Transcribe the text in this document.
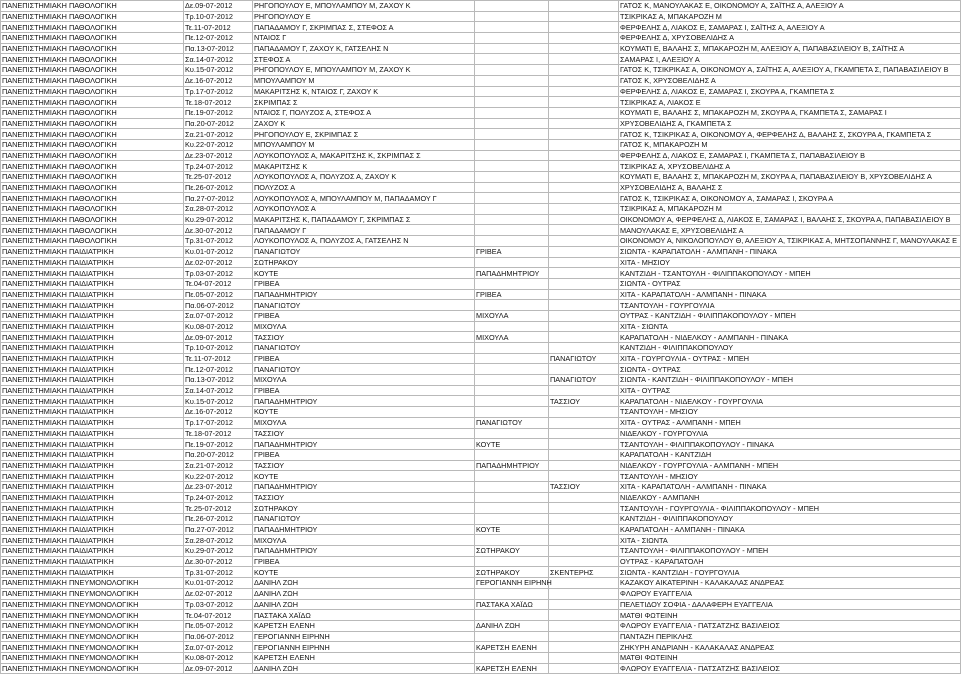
ΠΑΝΕΠΙΣΤΗΜΙΑΚΗ ΠΑΘΟΛΟΓΙΚΗ	Δε.09-07-2012	ΡΗΓΟΠΟΥΛΟΥ Ε, ΜΠΟΥΛΑΜΠΟΥ Μ, ΖΑΧΟΥ Κ			ΓΑΤΟΣ Κ, ΜΑΝΟΥΛΑΚΑΣ Ε, ΟΙΚΟΝΟΜΟΥ Α, ΣΑΪΤΗΣ Α, ΑΛΕΞΙΟΥ Α
ΠΑΝΕΠΙΣΤΗΜΙΑΚΗ ΠΑΘΟΛΟΓΙΚΗ	Τρ.10-07-2012	ΡΗΓΟΠΟΥΛΟΥ Ε			ΤΣΙΚΡΙΚΑΣ Α, ΜΠΑΚΑΡΟΖΗ Μ
ΠΑΝΕΠΙΣΤΗΜΙΑΚΗ ΠΑΘΟΛΟΓΙΚΗ	Τε.11-07-2012	ΠΑΠΑΔΑΜΟΥ Γ, ΣΚΡΙΜΠΑΣ Σ, ΣΤΕΦΟΣ Α			ΦΕΡΦΕΛΗΣ Δ, ΛΙΑΚΟΣ Ε, ΣΑΜΑΡΑΣ Ι, ΣΑΪΤΗΣ Α, ΑΛΕΞΙΟΥ Α
ΠΑΝΕΠΙΣΤΗΜΙΑΚΗ ΠΑΘΟΛΟΓΙΚΗ	Πε.12-07-2012	ΝΤΑΙΟΣ Γ			ΦΕΡΦΕΛΗΣ Δ, ΧΡΥΣΟΒΕΛΙΔΗΣ Α
ΠΑΝΕΠΙΣΤΗΜΙΑΚΗ ΠΑΘΟΛΟΓΙΚΗ	Πα.13-07-2012	ΠΑΠΑΔΑΜΟΥ Γ, ΖΑΧΟΥ Κ, ΓΑΤΣΕΛΗΣ Ν			ΚΟΥΜΑΤΙ Ε, ΒΑΛΑΗΣ Σ, ΜΠΑΚΑΡΟΖΗ Μ, ΑΛΕΞΙΟΥ Α, ΠΑΠΑΒΑΣΙΛΕΙΟΥ Β, ΣΑΪΤΗΣ Α
ΠΑΝΕΠΙΣΤΗΜΙΑΚΗ ΠΑΘΟΛΟΓΙΚΗ	Σα.14-07-2012	ΣΤΕΦΟΣ Α			ΣΑΜΑΡΑΣ Ι, ΑΛΕΞΙΟΥ Α
ΠΑΝΕΠΙΣΤΗΜΙΑΚΗ ΠΑΘΟΛΟΓΙΚΗ	Κυ.15-07-2012	ΡΗΓΟΠΟΥΛΟΥ Ε, ΜΠΟΥΛΑΜΠΟΥ Μ, ΖΑΧΟΥ Κ			ΓΑΤΟΣ Κ, ΤΣΙΚΡΙΚΑΣ Α, ΟΙΚΟΝΟΜΟΥ Α, ΣΑΪΤΗΣ Α, ΑΛΕΞΙΟΥ Α, ΓΚΑΜΠΕΤΑ Σ, ΠΑΠΑΒΑΣΙΛΕΙΟΥ Β
ΠΑΝΕΠΙΣΤΗΜΙΑΚΗ ΠΑΘΟΛΟΓΙΚΗ	Δε.16-07-2012	ΜΠΟΥΛΑΜΠΟΥ Μ			ΓΑΤΟΣ Κ, ΧΡΥΣΟΒΕΛΙΔΗΣ Α
ΠΑΝΕΠΙΣΤΗΜΙΑΚΗ ΠΑΘΟΛΟΓΙΚΗ	Τρ.17-07-2012	ΜΑΚΑΡΙΤΣΗΣ Κ, ΝΤΑΙΟΣ Γ, ΖΑΧΟΥ Κ			ΦΕΡΦΕΛΗΣ Δ, ΛΙΑΚΟΣ Ε, ΣΑΜΑΡΑΣ Ι, ΣΚΟΥΡΑ Α, ΓΚΑΜΠΕΤΑ Σ
ΠΑΝΕΠΙΣΤΗΜΙΑΚΗ ΠΑΘΟΛΟΓΙΚΗ	Τε.18-07-2012	ΣΚΡΙΜΠΑΣ Σ			ΤΣΙΚΡΙΚΑΣ Α, ΛΙΑΚΟΣ Ε
ΠΑΝΕΠΙΣΤΗΜΙΑΚΗ ΠΑΘΟΛΟΓΙΚΗ	Πε.19-07-2012	ΝΤΑΙΟΣ Γ, ΠΟΛΥΖΟΣ Α, ΣΤΕΦΟΣ Α			ΚΟΥΜΑΤΙ Ε, ΒΑΛΑΗΣ Σ, ΜΠΑΚΑΡΟΖΗ Μ, ΣΚΟΥΡΑ Α, ΓΚΑΜΠΕΤΑ Σ, ΣΑΜΑΡΑΣ Ι
ΠΑΝΕΠΙΣΤΗΜΙΑΚΗ ΠΑΘΟΛΟΓΙΚΗ	Πα.20-07-2012	ΖΑΧΟΥ Κ			ΧΡΥΣΟΒΕΛΙΔΗΣ Α, ΓΚΑΜΠΕΤΑ Σ
ΠΑΝΕΠΙΣΤΗΜΙΑΚΗ ΠΑΘΟΛΟΓΙΚΗ	Σα.21-07-2012	ΡΗΓΟΠΟΥΛΟΥ Ε, ΣΚΡΙΜΠΑΣ Σ			ΓΑΤΟΣ Κ, ΤΣΙΚΡΙΚΑΣ Α, ΟΙΚΟΝΟΜΟΥ Α, ΦΕΡΦΕΛΗΣ Δ, ΒΑΛΑΗΣ Σ, ΣΚΟΥΡΑ Α, ΓΚΑΜΠΕΤΑ Σ
ΠΑΝΕΠΙΣΤΗΜΙΑΚΗ ΠΑΘΟΛΟΓΙΚΗ	Κυ.22-07-2012	ΜΠΟΥΛΑΜΠΟΥ Μ			ΓΑΤΟΣ Κ, ΜΠΑΚΑΡΟΖΗ Μ
ΠΑΝΕΠΙΣΤΗΜΙΑΚΗ ΠΑΘΟΛΟΓΙΚΗ	Δε.23-07-2012	ΛΟΥΚΟΠΟΥΛΟΣ Α, ΜΑΚΑΡΙΤΣΗΣ Κ, ΣΚΡΙΜΠΑΣ Σ			ΦΕΡΦΕΛΗΣ Δ, ΛΙΑΚΟΣ Ε, ΣΑΜΑΡΑΣ Ι, ΓΚΑΜΠΕΤΑ Σ, ΠΑΠΑΒΑΣΙΛΕΙΟΥ Β
ΠΑΝΕΠΙΣΤΗΜΙΑΚΗ ΠΑΘΟΛΟΓΙΚΗ	Τρ.24-07-2012	ΜΑΚΑΡΙΤΣΗΣ Κ			ΤΣΙΚΡΙΚΑΣ Α, ΧΡΥΣΟΒΕΛΙΔΗΣ Α
ΠΑΝΕΠΙΣΤΗΜΙΑΚΗ ΠΑΘΟΛΟΓΙΚΗ	Τε.25-07-2012	ΛΟΥΚΟΠΟΥΛΟΣ Α, ΠΟΛΥΖΟΣ Α, ΖΑΧΟΥ Κ			ΚΟΥΜΑΤΙ Ε, ΒΑΛΑΗΣ Σ, ΜΠΑΚΑΡΟΖΗ Μ, ΣΚΟΥΡΑ Α, ΠΑΠΑΒΑΣΙΛΕΙΟΥ Β, ΧΡΥΣΟΒΕΛΙΔΗΣ Α
ΠΑΝΕΠΙΣΤΗΜΙΑΚΗ ΠΑΘΟΛΟΓΙΚΗ	Πε.26-07-2012	ΠΟΛΥΖΟΣ Α			ΧΡΥΣΟΒΕΛΙΔΗΣ Α, ΒΑΛΑΗΣ Σ
ΠΑΝΕΠΙΣΤΗΜΙΑΚΗ ΠΑΘΟΛΟΓΙΚΗ	Πα.27-07-2012	ΛΟΥΚΟΠΟΥΛΟΣ Α, ΜΠΟΥΛΑΜΠΟΥ Μ, ΠΑΠΑΔΑΜΟΥ Γ			ΓΑΤΟΣ Κ, ΤΣΙΚΡΙΚΑΣ Α, ΟΙΚΟΝΟΜΟΥ Α, ΣΑΜΑΡΑΣ Ι, ΣΚΟΥΡΑ Α
ΠΑΝΕΠΙΣΤΗΜΙΑΚΗ ΠΑΘΟΛΟΓΙΚΗ	Σα.28-07-2012	ΛΟΥΚΟΠΟΥΛΟΣ Α			ΤΣΙΚΡΙΚΑΣ Α, ΜΠΑΚΑΡΟΖΗ Μ
ΠΑΝΕΠΙΣΤΗΜΙΑΚΗ ΠΑΘΟΛΟΓΙΚΗ	Κυ.29-07-2012	ΜΑΚΑΡΙΤΣΗΣ Κ, ΠΑΠΑΔΑΜΟΥ Γ, ΣΚΡΙΜΠΑΣ Σ			ΟΙΚΟΝΟΜΟΥ Α, ΦΕΡΦΕΛΗΣ Δ, ΛΙΑΚΟΣ Ε, ΣΑΜΑΡΑΣ Ι, ΒΑΛΑΗΣ Σ, ΣΚΟΥΡΑ Α, ΠΑΠΑΒΑΣΙΛΕΙΟΥ Β
ΠΑΝΕΠΙΣΤΗΜΙΑΚΗ ΠΑΘΟΛΟΓΙΚΗ	Δε.30-07-2012	ΠΑΠΑΔΑΜΟΥ Γ			ΜΑΝΟΥΛΑΚΑΣ Ε, ΧΡΥΣΟΒΕΛΙΔΗΣ Α
ΠΑΝΕΠΙΣΤΗΜΙΑΚΗ ΠΑΘΟΛΟΓΙΚΗ	Τρ.31-07-2012	ΛΟΥΚΟΠΟΥΛΟΣ Α, ΠΟΛΥΖΟΣ Α, ΓΑΤΣΕΛΗΣ Ν			ΟΙΚΟΝΟΜΟΥ Α, ΝΙΚΟΛΟΠΟΥΛΟΥ Θ, ΑΛΕΞΙΟΥ Α, ΤΣΙΚΡΙΚΑΣ Α, ΜΗΤΣΟΠΑΝΝΗΣ Γ, ΜΑΝΟΥΛΑΚΑΣ Ε
ΠΑΝΕΠΙΣΤΗΜΙΑΚΗ ΠΑΙΔΙΑΤΡΙΚΗ	Κυ.01-07-2012	ΠΑΝΑΓΙΩΤΟΥ	ΓΡΙΒΕΑ		ΣΙΩΝΤΑ - ΚΑΡΑΠΑΤΟΛΗ - ΑΛΜΠΑΝΗ - ΠΙΝΑΚΑ
ΠΑΝΕΠΙΣΤΗΜΙΑΚΗ ΠΑΙΔΙΑΤΡΙΚΗ	Δε.02-07-2012	ΣΩΤΗΡΑΚΟΥ			ΧΙΤΑ - ΜΗΣΙΟΥ
ΠΑΝΕΠΙΣΤΗΜΙΑΚΗ ΠΑΙΔΙΑΤΡΙΚΗ	Τρ.03-07-2012	ΚΟΥΤΕ	ΠΑΠΑΔΗΜΗΤΡΙΟΥ		ΚΑΝΤΖΙΔΗ - ΤΣΑΝΤΟΥΛΗ - ΦΙΛΙΠΠΑΚΟΠΟΥΛΟΥ - ΜΠΕΗ
ΠΑΝΕΠΙΣΤΗΜΙΑΚΗ ΠΑΙΔΙΑΤΡΙΚΗ	Τε.04-07-2012	ΓΡΙΒΕΑ			ΣΙΩΝΤΑ - ΟΥΤΡΑΣ
ΠΑΝΕΠΙΣΤΗΜΙΑΚΗ ΠΑΙΔΙΑΤΡΙΚΗ	Πε.05-07-2012	ΠΑΠΑΔΗΜΗΤΡΙΟΥ	ΓΡΙΒΕΑ		ΧΙΤΑ - ΚΑΡΑΠΑΤΟΛΗ - ΑΛΜΠΑΝΗ - ΠΙΝΑΚΑ
ΠΑΝΕΠΙΣΤΗΜΙΑΚΗ ΠΑΙΔΙΑΤΡΙΚΗ	Πα.06-07-2012	ΠΑΝΑΓΙΩΤΟΥ			ΤΣΑΝΤΟΥΛΗ - ΓΟΥΡΓΟΥΛΙΑ
ΠΑΝΕΠΙΣΤΗΜΙΑΚΗ ΠΑΙΔΙΑΤΡΙΚΗ	Σα.07-07-2012	ΓΡΙΒΕΑ	ΜΙΧΟΥΛΑ		ΟΥΤΡΑΣ - ΚΑΝΤΖΙΔΗ - ΦΙΛΙΠΠΑΚΟΠΟΥΛΟΥ - ΜΠΕΗ
ΠΑΝΕΠΙΣΤΗΜΙΑΚΗ ΠΑΙΔΙΑΤΡΙΚΗ	Κυ.08-07-2012	ΜΙΧΟΥΛΑ			ΧΙΤΑ - ΣΙΩΝΤΑ
ΠΑΝΕΠΙΣΤΗΜΙΑΚΗ ΠΑΙΔΙΑΤΡΙΚΗ	Δε.09-07-2012	ΤΑΣΣΙΟΥ	ΜΙΧΟΥΛΑ		ΚΑΡΑΠΑΤΟΛΗ - ΝΙΔΕΛΚΟΥ - ΑΛΜΠΑΝΗ - ΠΙΝΑΚΑ
ΠΑΝΕΠΙΣΤΗΜΙΑΚΗ ΠΑΙΔΙΑΤΡΙΚΗ	Τρ.10-07-2012	ΠΑΝΑΓΙΩΤΟΥ			ΚΑΝΤΖΙΔΗ - ΦΙΛΙΠΠΑΚΟΠΟΥΛΟΥ
ΠΑΝΕΠΙΣΤΗΜΙΑΚΗ ΠΑΙΔΙΑΤΡΙΚΗ	Τε.11-07-2012	ΓΡΙΒΕΑ		ΠΑΝΑΓΙΩΤΟΥ	ΧΙΤΑ - ΓΟΥΡΓΟΥΛΙΑ - ΟΥΤΡΑΣ - ΜΠΕΗ
ΠΑΝΕΠΙΣΤΗΜΙΑΚΗ ΠΑΙΔΙΑΤΡΙΚΗ	Πε.12-07-2012	ΠΑΝΑΓΙΩΤΟΥ			ΣΙΩΝΤΑ - ΟΥΤΡΑΣ
ΠΑΝΕΠΙΣΤΗΜΙΑΚΗ ΠΑΙΔΙΑΤΡΙΚΗ	Πα.13-07-2012	ΜΙΧΟΥΛΑ		ΠΑΝΑΓΙΩΤΟΥ	ΣΙΩΝΤΑ - ΚΑΝΤΖΙΔΗ - ΦΙΛΙΠΠΑΚΟΠΟΥΛΟΥ - ΜΠΕΗ
ΠΑΝΕΠΙΣΤΗΜΙΑΚΗ ΠΑΙΔΙΑΤΡΙΚΗ	Σα.14-07-2012	ΓΡΙΒΕΑ			ΧΙΤΑ - ΟΥΤΡΑΣ
ΠΑΝΕΠΙΣΤΗΜΙΑΚΗ ΠΑΙΔΙΑΤΡΙΚΗ	Κυ.15-07-2012	ΠΑΠΑΔΗΜΗΤΡΙΟΥ		ΤΑΣΣΙΟΥ	ΚΑΡΑΠΑΤΟΛΗ - ΝΙΔΕΛΚΟΥ - ΓΟΥΡΓΟΥΛΙΑ
ΠΑΝΕΠΙΣΤΗΜΙΑΚΗ ΠΑΙΔΙΑΤΡΙΚΗ	Δε.16-07-2012	ΚΟΥΤΕ			ΤΣΑΝΤΟΥΛΗ - ΜΗΣΙΟΥ
ΠΑΝΕΠΙΣΤΗΜΙΑΚΗ ΠΑΙΔΙΑΤΡΙΚΗ	Τρ.17-07-2012	ΜΙΧΟΥΛΑ	ΠΑΝΑΓΙΩΤΟΥ		ΧΙΤΑ - ΟΥΤΡΑΣ - ΑΛΜΠΑΝΗ - ΜΠΕΗ
ΠΑΝΕΠΙΣΤΗΜΙΑΚΗ ΠΑΙΔΙΑΤΡΙΚΗ	Τε.18-07-2012	ΤΑΣΣΙΟΥ			ΝΙΔΕΛΚΟΥ - ΓΟΥΡΓΟΥΛΙΑ
ΠΑΝΕΠΙΣΤΗΜΙΑΚΗ ΠΑΙΔΙΑΤΡΙΚΗ	Πε.19-07-2012	ΠΑΠΑΔΗΜΗΤΡΙΟΥ	ΚΟΥΤΕ		ΤΣΑΝΤΟΥΛΗ - ΦΙΛΙΠΠΑΚΟΠΟΥΛΟΥ - ΠΙΝΑΚΑ
ΠΑΝΕΠΙΣΤΗΜΙΑΚΗ ΠΑΙΔΙΑΤΡΙΚΗ	Πα.20-07-2012	ΓΡΙΒΕΑ			ΚΑΡΑΠΑΤΟΛΗ - ΚΑΝΤΖΙΔΗ
ΠΑΝΕΠΙΣΤΗΜΙΑΚΗ ΠΑΙΔΙΑΤΡΙΚΗ	Σα.21-07-2012	ΤΑΣΣΙΟΥ	ΠΑΠΑΔΗΜΗΤΡΙΟΥ		ΝΙΔΕΛΚΟΥ - ΓΟΥΡΓΟΥΛΙΑ - ΑΛΜΠΑΝΗ - ΜΠΕΗ
ΠΑΝΕΠΙΣΤΗΜΙΑΚΗ ΠΑΙΔΙΑΤΡΙΚΗ	Κυ.22-07-2012	ΚΟΥΤΕ			ΤΣΑΝΤΟΥΛΗ - ΜΗΣΙΟΥ
ΠΑΝΕΠΙΣΤΗΜΙΑΚΗ ΠΑΙΔΙΑΤΡΙΚΗ	Δε.23-07-2012	ΠΑΠΑΔΗΜΗΤΡΙΟΥ		ΤΑΣΣΙΟΥ	ΧΙΤΑ - ΚΑΡΑΠΑΤΟΛΗ - ΑΛΜΠΑΝΗ - ΠΙΝΑΚΑ
ΠΑΝΕΠΙΣΤΗΜΙΑΚΗ ΠΑΙΔΙΑΤΡΙΚΗ	Τρ.24-07-2012	ΤΑΣΣΙΟΥ			ΝΙΔΕΛΚΟΥ - ΑΛΜΠΑΝΗ
ΠΑΝΕΠΙΣΤΗΜΙΑΚΗ ΠΑΙΔΙΑΤΡΙΚΗ	Τε.25-07-2012	ΣΩΤΗΡΑΚΟΥ			ΤΣΑΝΤΟΥΛΗ - ΓΟΥΡΓΟΥΛΙΑ - ΦΙΛΙΠΠΑΚΟΠΟΥΛΟΥ - ΜΠΕΗ
ΠΑΝΕΠΙΣΤΗΜΙΑΚΗ ΠΑΙΔΙΑΤΡΙΚΗ	Πε.26-07-2012	ΠΑΝΑΓΙΩΤΟΥ			ΚΑΝΤΖΙΔΗ - ΦΙΛΙΠΠΑΚΟΠΟΥΛΟΥ
ΠΑΝΕΠΙΣΤΗΜΙΑΚΗ ΠΑΙΔΙΑΤΡΙΚΗ	Πα.27-07-2012	ΠΑΠΑΔΗΜΗΤΡΙΟΥ	ΚΟΥΤΕ		ΚΑΡΑΠΑΤΟΛΗ - ΑΛΜΠΑΝΗ - ΠΙΝΑΚΑ
ΠΑΝΕΠΙΣΤΗΜΙΑΚΗ ΠΑΙΔΙΑΤΡΙΚΗ	Σα.28-07-2012	ΜΙΧΟΥΛΑ			ΧΙΤΑ - ΣΙΩΝΤΑ
ΠΑΝΕΠΙΣΤΗΜΙΑΚΗ ΠΑΙΔΙΑΤΡΙΚΗ	Κυ.29-07-2012	ΠΑΠΑΔΗΜΗΤΡΙΟΥ	ΣΩΤΗΡΑΚΟΥ		ΤΣΑΝΤΟΥΛΗ - ΦΙΛΙΠΠΑΚΟΠΟΥΛΟΥ - ΜΠΕΗ
ΠΑΝΕΠΙΣΤΗΜΙΑΚΗ ΠΑΙΔΙΑΤΡΙΚΗ	Δε.30-07-2012	ΓΡΙΒΕΑ			ΟΥΤΡΑΣ - ΚΑΡΑΠΑΤΟΛΗ
ΠΑΝΕΠΙΣΤΗΜΙΑΚΗ ΠΑΙΔΙΑΤΡΙΚΗ	Τρ.31-07-2012	ΚΟΥΤΕ	ΣΩΤΗΡΑΚΟΥ	ΣΚΕΝΤΕΡΗΣ	ΣΙΩΝΤΑ - ΚΑΝΤΖΙΔΗ - ΓΟΥΡΓΟΥΛΙΑ
ΠΑΝΕΠΙΣΤΗΜΙΑΚΗ ΠΝΕΥΜΟΝΟΛΟΓΙΚΗ	Κυ.01-07-2012	ΔΑΝΙΗΛ ΖΩΗ	ΓΕΡΟΓΙΑΝΝΗ ΕΙΡΗΝΗ		ΚΑΖΑΚΟΥ ΑΙΚΑΤΕΡΙΝΗ - ΚΑΛΑΚΑΛΑΣ ΑΝΔΡΕΑΣ
ΠΑΝΕΠΙΣΤΗΜΙΑΚΗ ΠΝΕΥΜΟΝΟΛΟΓΙΚΗ	Δε.02-07-2012	ΔΑΝΙΗΛ ΖΩΗ			ΦΛΩΡΟΥ ΕΥΑΓΓΕΛΙΑ
ΠΑΝΕΠΙΣΤΗΜΙΑΚΗ ΠΝΕΥΜΟΝΟΛΟΓΙΚΗ	Τρ.03-07-2012	ΔΑΝΙΗΛ ΖΩΗ	ΠΑΣΤΑΚΑ ΧΑΪΔΩ		ΠΕΛΕΤΙΔΟΥ ΣΟΦΙΑ - ΔΑΛΑΦΕΡΗ ΕΥΑΓΓΕΛΙΑ
ΠΑΝΕΠΙΣΤΗΜΙΑΚΗ ΠΝΕΥΜΟΝΟΛΟΓΙΚΗ	Τε.04-07-2012	ΠΑΣΤΑΚΑ ΧΑΪΔΩ			ΜΑΤΘΙ ΦΩΤΕΙΝΗ
ΠΑΝΕΠΙΣΤΗΜΙΑΚΗ ΠΝΕΥΜΟΝΟΛΟΓΙΚΗ	Πε.05-07-2012	ΚΑΡΕΤΣΗ ΕΛΕΝΗ	ΔΑΝΙΗΛ ΖΩΗ		ΦΛΩΡΟΥ ΕΥΑΓΓΕΛΙΑ - ΠΑΤΣΑΤΖΗΣ ΒΑΣΙΛΕΙΟΣ
ΠΑΝΕΠΙΣΤΗΜΙΑΚΗ ΠΝΕΥΜΟΝΟΛΟΓΙΚΗ	Πα.06-07-2012	ΓΕΡΟΓΙΑΝΝΗ ΕΙΡΗΝΗ			ΠΑΝΤΑΖΗ ΠΕΡΙΚΛΗΣ
ΠΑΝΕΠΙΣΤΗΜΙΑΚΗ ΠΝΕΥΜΟΝΟΛΟΓΙΚΗ	Σα.07-07-2012	ΓΕΡΟΓΙΑΝΝΗ ΕΙΡΗΝΗ	ΚΑΡΕΤΣΗ ΕΛΕΝΗ		ΖΗΚΥΡΗ ΑΝΔΡΙΑΝΗ - ΚΑΛΑΚΑΛΑΣ ΑΝΔΡΕΑΣ
ΠΑΝΕΠΙΣΤΗΜΙΑΚΗ ΠΝΕΥΜΟΝΟΛΟΓΙΚΗ	Κυ.08-07-2012	ΚΑΡΕΤΣΗ ΕΛΕΝΗ			ΜΑΤΘΙ ΦΩΤΕΙΝΗ
ΠΑΝΕΠΙΣΤΗΜΙΑΚΗ ΠΝΕΥΜΟΝΟΛΟΓΙΚΗ	Δε.09-07-2012	ΔΑΝΙΗΛ ΖΩΗ	ΚΑΡΕΤΣΗ ΕΛΕΝΗ		ΦΛΩΡΟΥ ΕΥΑΓΓΕΛΙΑ - ΠΑΤΣΑΤΖΗΣ ΒΑΣΙΛΕΙΟΣ
